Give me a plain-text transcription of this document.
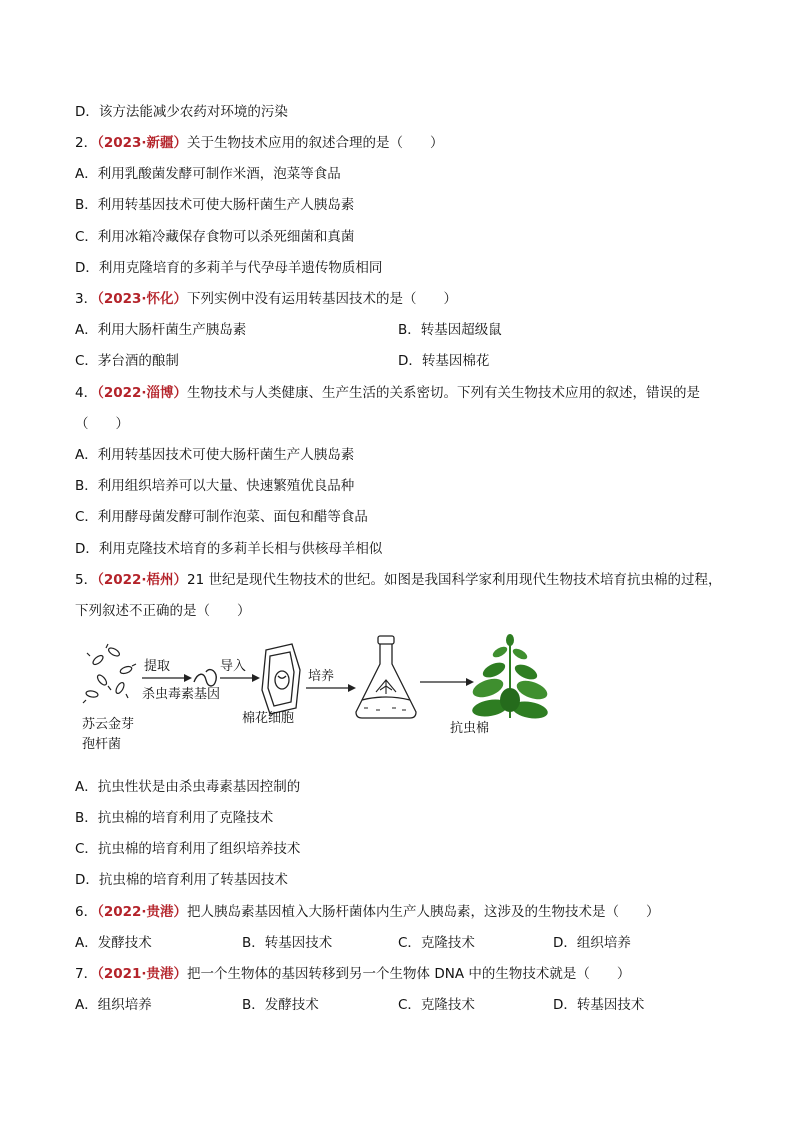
D．该方法能减少农药对环境的污染
2．（2023·新疆）关于生物技术应用的叙述合理的是（　　）
A．利用乳酸菌发酵可制作米酒，泡菜等食品
B．利用转基因技术可使大肠杆菌生产人胰岛素
C．利用冰箱冷藏保存食物可以杀死细菌和真菌
D．利用克隆培育的多莉羊与代孕母羊遗传物质相同
3．（2023·怀化）下列实例中没有运用转基因技术的是（　　）
A．利用大肠杆菌生产胰岛素	B．转基因超级鼠
C．茅台酒的酿制	D．转基因棉花
4．（2022·淄博）生物技术与人类健康、生产生活的关系密切。下列有关生物技术应用的叙述，错误的是
（　　）
A．利用转基因技术可使大肠杆菌生产人胰岛素
B．利用组织培养可以大量、快速繁殖优良品种
C．利用酵母菌发酵可制作泡菜、面包和醋等食品
D．利用克隆技术培育的多莉羊长相与供核母羊相似
5．（2022·梧州）21 世纪是现代生物技术的世纪。如图是我国科学家利用现代生物技术培育抗虫棉的过程，
下列叙述不正确的是（　　）
提取	导入
培养
杀虫毒素基因
苏云金芽
孢杆菌
棉花细胞
抗虫棉
A．抗虫性状是由杀虫毒素基因控制的
B．抗虫棉的培育利用了克隆技术
C．抗虫棉的培育利用了组织培养技术
D．抗虫棉的培育利用了转基因技术
6．（2022·贵港）把人胰岛素基因植入大肠杆菌体内生产人胰岛素，这涉及的生物技术是（　　）
A．发酵技术	B．转基因技术	C．克隆技术	D．组织培养
7．（2021·贵港）把一个生物体的基因转移到另一个生物体 DNA 中的生物技术就是（　　）
A．组织培养	B．发酵技术	C．克隆技术	D．转基因技术
